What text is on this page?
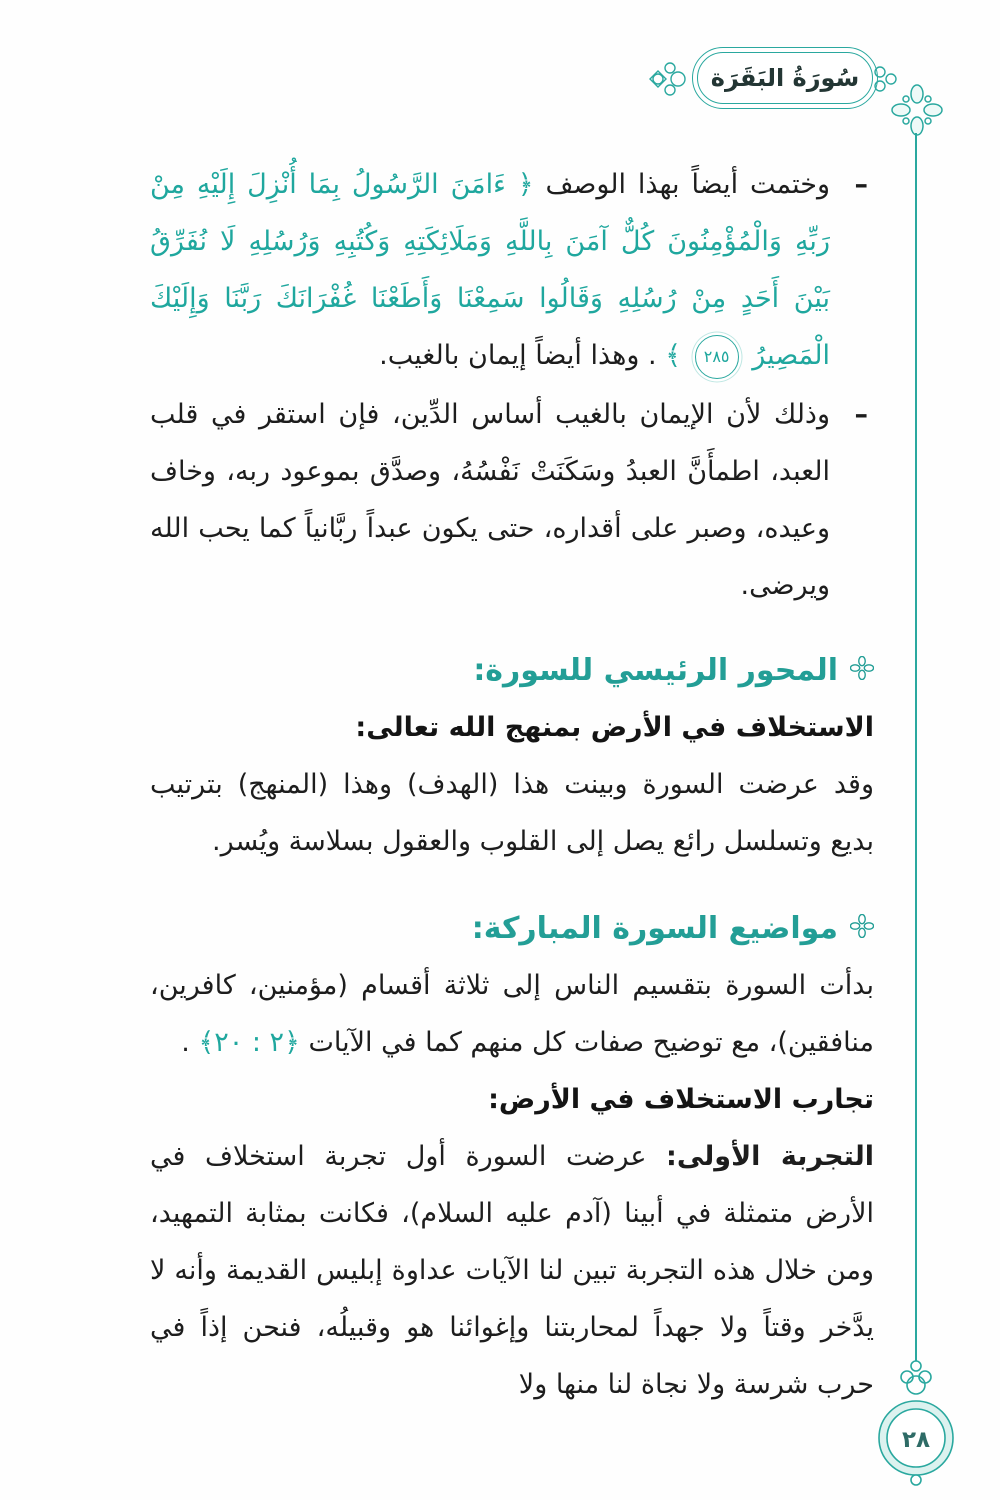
سُورَةُ البَقَرَة
–
وختمت أيضاً بهذا الوصف ﴿ ءَامَنَ الرَّسُولُ بِمَا أُنْزِلَ إِلَيْهِ مِنْ رَبِّهِ وَالْمُؤْمِنُونَ كُلٌّ آمَنَ بِاللَّهِ وَمَلَائِكَتِهِ وَكُتُبِهِ وَرُسُلِهِ لَا نُفَرِّقُ بَيْنَ أَحَدٍ مِنْ رُسُلِهِ وَقَالُوا سَمِعْنَا وَأَطَعْنَا غُفْرَانَكَ رَبَّنَا وَإِلَيْكَ الْمَصِيرُ ٢٨٥ ﴾ . وهذا أيضاً إيمان بالغيب.
–
وذلك لأن الإيمان بالغيب أساس الدِّين، فإن استقر في قلب العبد، اطمأَنَّ العبدُ وسَكَنَتْ نَفْسُهُ، وصدَّق بموعود ربه، وخاف وعيده، وصبر على أقداره، حتى يكون عبداً ربَّانياً كما يحب الله ويرضى.
المحور الرئيسي للسورة:
الاستخلاف في الأرض بمنهج الله تعالى:
وقد عرضت السورة وبينت هذا (الهدف) وهذا (المنهج) بترتيب بديع وتسلسل رائع يصل إلى القلوب والعقول بسلاسة ويُسر.
مواضيع السورة المباركة:
بدأت السورة بتقسيم الناس إلى ثلاثة أقسام (مؤمنين، كافرين، منافقين)، مع توضيح صفات كل منهم كما في الآيات ﴿٢ : ٢٠﴾ .
تجارب الاستخلاف في الأرض:
التجربة الأولى: عرضت السورة أول تجربة استخلاف في الأرض متمثلة في أبينا (آدم عليه السلام)، فكانت بمثابة التمهيد، ومن خلال هذه التجربة تبين لنا الآيات عداوة إبليس القديمة وأنه لا يدَّخر وقتاً ولا جهداً لمحاربتنا وإغوائنا هو وقبيلُه، فنحن إذاً في حرب شرسة ولا نجاة لنا منها ولا
٢٨
